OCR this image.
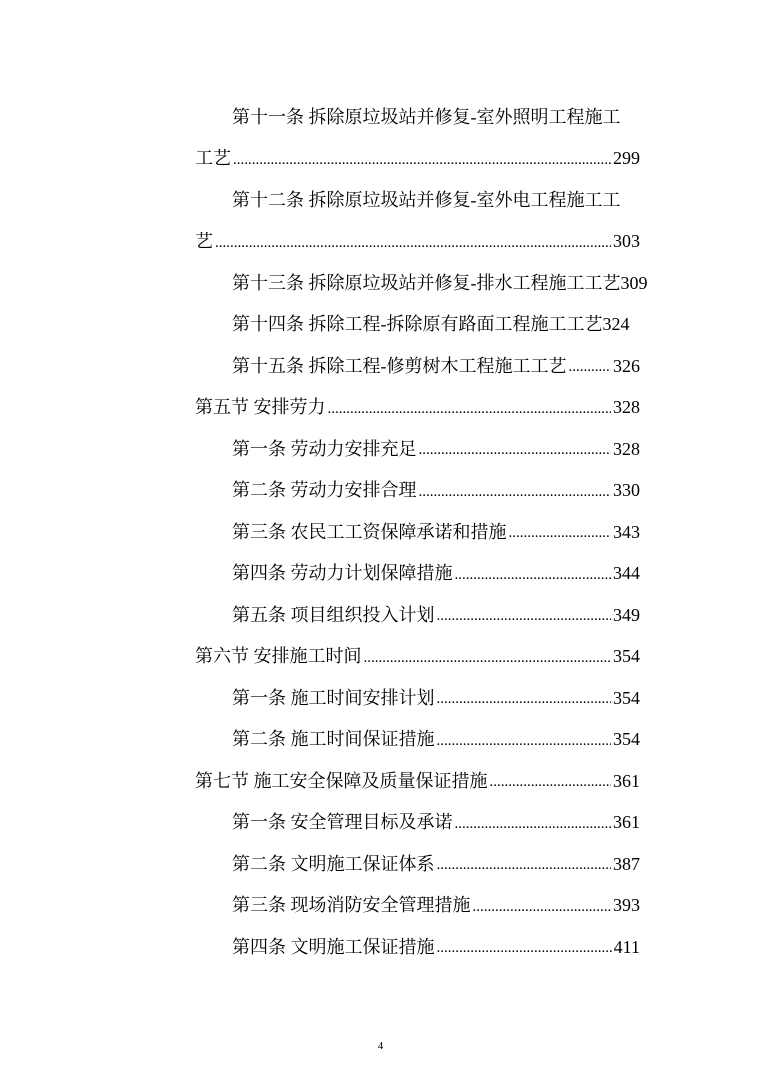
第十一条 拆除原垃圾站并修复-室外照明工程施工
工艺 .....	299
第十二条 拆除原垃圾站并修复-室外电工程施工工
艺 .....	303
第十三条 拆除原垃圾站并修复-排水工程施工工艺309
第十四条 拆除工程-拆除原有路面工程施工工艺324
第十五条 拆除工程-修剪树木工程施工工艺 .....	326
第五节 安排劳力 .....	328
第一条 劳动力安排充足 .....	328
第二条 劳动力安排合理 .....	330
第三条 农民工工资保障承诺和措施 .....	343
第四条 劳动力计划保障措施 .....	344
第五条 项目组织投入计划 .....	349
第六节 安排施工时间 .....	354
第一条 施工时间安排计划 .....	354
第二条 施工时间保证措施 .....	354
第七节 施工安全保障及质量保证措施 .....	361
第一条 安全管理目标及承诺 .....	361
第二条 文明施工保证体系 .....	387
第三条 现场消防安全管理措施 .....	393
第四条 文明施工保证措施 .....	411
4
